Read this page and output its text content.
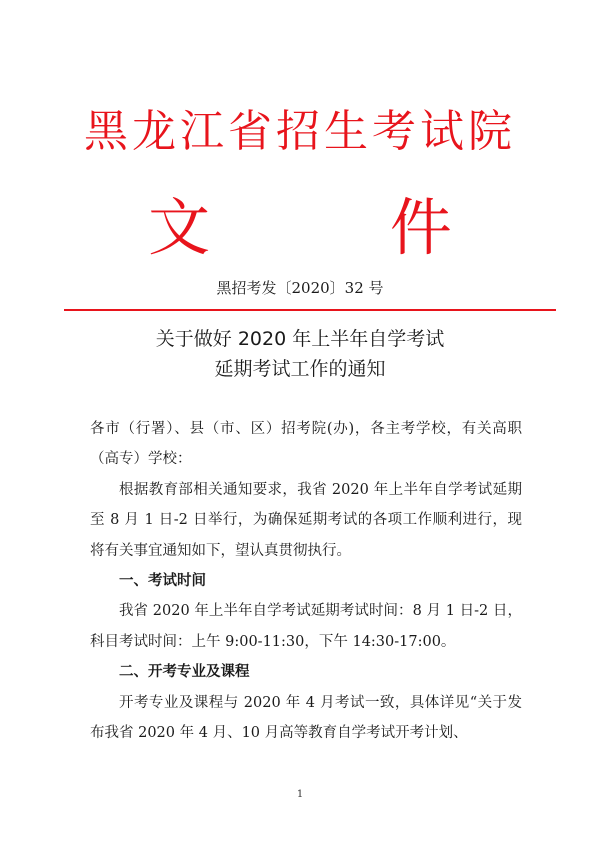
黑龙江省招生考试院
文 件
黑招考发〔2020〕32 号
关于做好 2020 年上半年自学考试
延期考试工作的通知

各市（行署）、县（市、区）招考院(办)，各主考学校，有关高职（高专）学校：

根据教育部相关通知要求，我省 2020 年上半年自学考试延期至 8 月 1 日-2 日举行，为确保延期考试的各项工作顺利进行，现将有关事宜通知如下，望认真贯彻执行。

一、考试时间

我省 2020 年上半年自学考试延期考试时间：8 月 1 日-2 日，科目考试时间：上午 9:00-11:30，下午 14:30-17:00。

二、开考专业及课程

开考专业及课程与 2020 年 4 月考试一致，具体详见“关于发布我省 2020 年 4 月、10 月高等教育自学考试开考计划、

1
